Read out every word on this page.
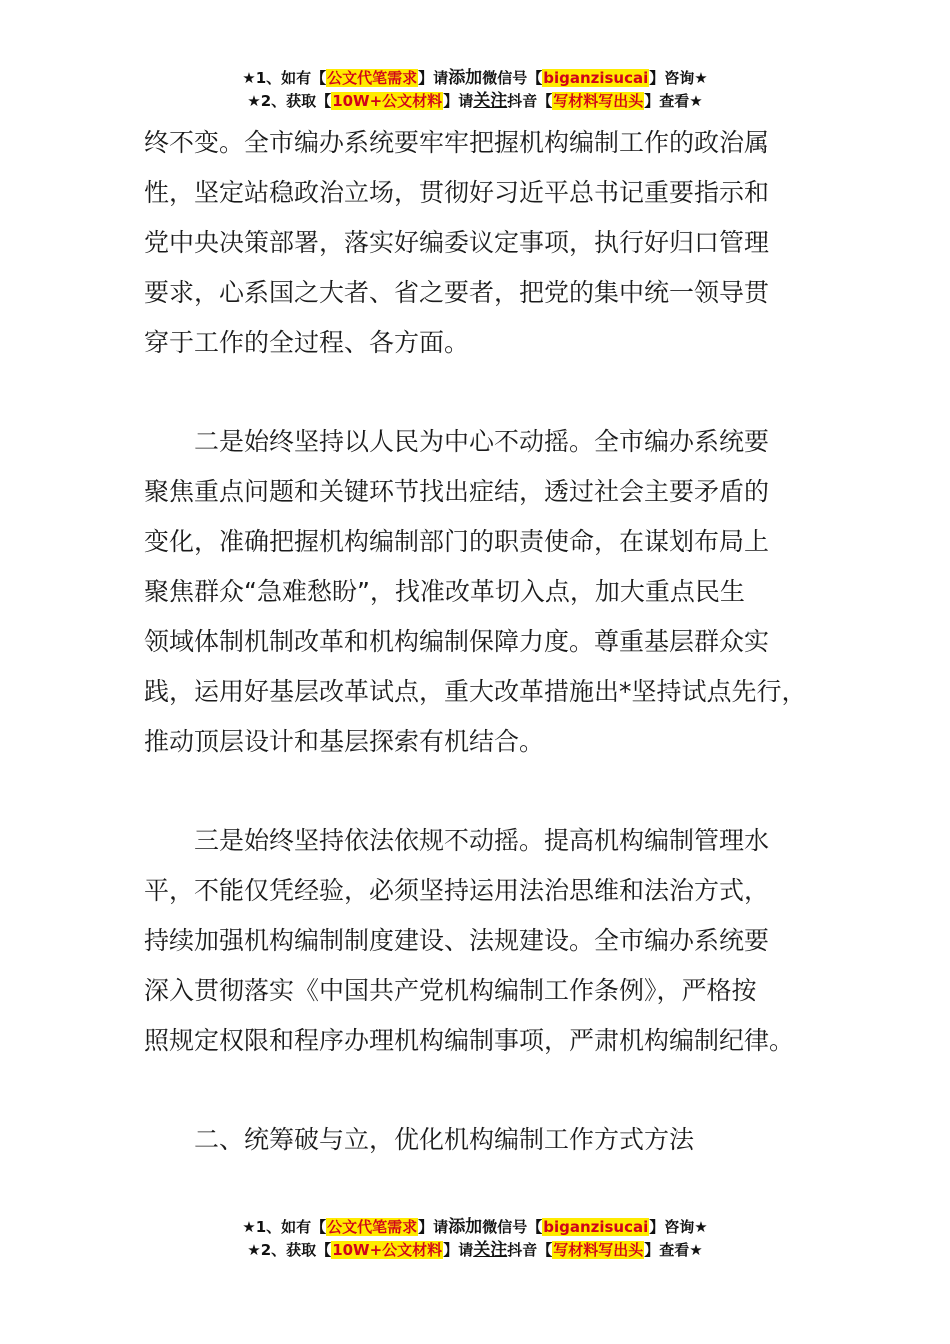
★1、如有【公文代笔需求】请添加微信号【biganzisucai】咨询★
★2、获取【10W+公文材料】请关注抖音【写材料写出头】查看★
终不变。全市编办系统要牢牢把握机构编制工作的政治属
性，坚定站稳政治立场，贯彻好习近平总书记重要指示和
党中央决策部署，落实好编委议定事项，执行好归口管理
要求，心系国之大者、省之要者，把党的集中统一领导贯
穿于工作的全过程、各方面。
　　二是始终坚持以人民为中心不动摇。全市编办系统要
聚焦重点问题和关键环节找出症结，透过社会主要矛盾的
变化，准确把握机构编制部门的职责使命，在谋划布局上
聚焦群众“急难愁盼”，找准改革切入点，加大重点民生
领域体制机制改革和机构编制保障力度。尊重基层群众实
践，运用好基层改革试点，重大改革措施出*坚持试点先行，
推动顶层设计和基层探索有机结合。
　　三是始终坚持依法依规不动摇。提高机构编制管理水
平，不能仅凭经验，必须坚持运用法治思维和法治方式，
持续加强机构编制制度建设、法规建设。全市编办系统要
深入贯彻落实《中国共产党机构编制工作条例》，严格按
照规定权限和程序办理机构编制事项，严肃机构编制纪律。
　　二、统筹破与立，优化机构编制工作方式方法
★1、如有【公文代笔需求】请添加微信号【biganzisucai】咨询★
★2、获取【10W+公文材料】请关注抖音【写材料写出头】查看★
